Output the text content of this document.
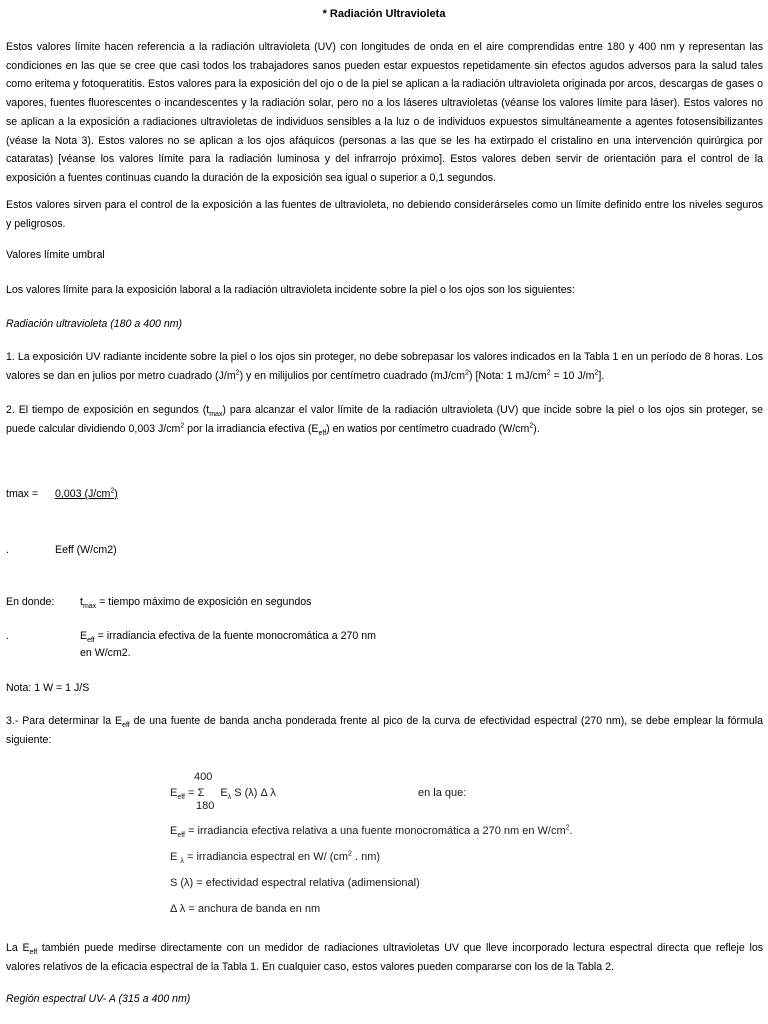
* Radiación Ultravioleta
Estos valores límite hacen referencia a la radiación ultravioleta (UV) con longitudes de onda en el aire comprendidas entre 180 y 400 nm y representan las condiciones en las que se cree que casi todos los trabajadores sanos pueden estar expuestos repetidamente sin efectos agudos adversos para la salud tales como eritema y fotoqueratitis. Estos valores para la exposición del ojo o de la piel se aplican a la radiación ultravioleta originada por arcos, descargas de gases o vapores, fuentes fluorescentes o incandescentes y la radiación solar, pero no a los láseres ultravioletas (véanse los valores límite para láser). Estos valores no se aplican a la exposición a radiaciones ultravioletas de individuos sensibles a la luz o de individuos expuestos simultáneamente a agentes fotosensibilizantes (véase la Nota 3). Estos valores no se aplican a los ojos afáquicos (personas a las que se les ha extirpado el cristalino en una intervención quirúrgica por cataratas) [véanse los valores límite para la radiación luminosa y del infrarrojo próximo]. Estos valores deben servir de orientación para el control de la exposición a fuentes continuas cuando la duración de la exposición sea igual o superior a 0,1 segundos.
Estos valores sirven para el control de la exposición a las fuentes de ultravioleta, no debiendo considerárseles como un límite definido entre los niveles seguros y peligrosos.
Valores límite umbral
Los valores límite para la exposición laboral a la radiación ultravioleta incidente sobre la piel o los ojos son los siguientes:
Radiación ultravioleta (180 a 400 nm)
1. La exposición UV radiante incidente sobre la piel o los ojos sin proteger, no debe sobrepasar los valores indicados en la Tabla 1 en un período de 8 horas. Los valores se dan en julios por metro cuadrado $(J/m^2)$ y en milijulios por centímetro cuadrado $(mJ/cm^2)$ [Nota: 1 $mJ/cm^2 = 10$ $J/m^2$].
2. El tiempo de exposición en segundos $(t_{max})$ para alcanzar el valor límite de la radiación ultravioleta (UV) que incide sobre la piel o los ojos sin proteger, se puede calcular dividiendo 0,003 $J/cm^2$ por la irradiancia efectiva $(E_{eff})$ en watios por centímetro cuadrado $(W/cm^2)$.
tmax = 0,003 $(J/cm^2)$
.	Eeff (W/cm2)
En donde: $t_{max}$ = tiempo máximo de exposición en segundos
.	$E_{eff}$ = irradiancia efectiva de la fuente monocromática a 270 nm
en W/cm2.
Nota: 1 W = 1 J/S
3.- Para determinar la $E_{eff}$ de una fuente de banda ancha ponderada frente al pico de la curva de efectividad espectral (270 nm), se debe emplear la fórmula siguiente:
400
$E_{eff} = \Sigma$ $E_\lambda$ S (λ) Δ λ
180
en la que:
$E_{eff}$ = irradiancia efectiva relativa a una fuente monocromática a 270 nm en $W/cm^2$.
E $_\lambda$ = irradiancia espectral en W/ ($cm^2$ . nm)
S (λ) = efectividad espectral relativa (adimensional)
Δ λ = anchura de banda en nm
La $E_{eff}$ también puede medirse directamente con un medidor de radiaciones ultravioletas UV que lleve incorporado lectura espectral directa que refleje los valores relativos de la eficacia espectral de la Tabla 1. En cualquier caso, estos valores pueden compararse con los de la Tabla 2.
Región espectral UV- A (315 a 400 nm)
